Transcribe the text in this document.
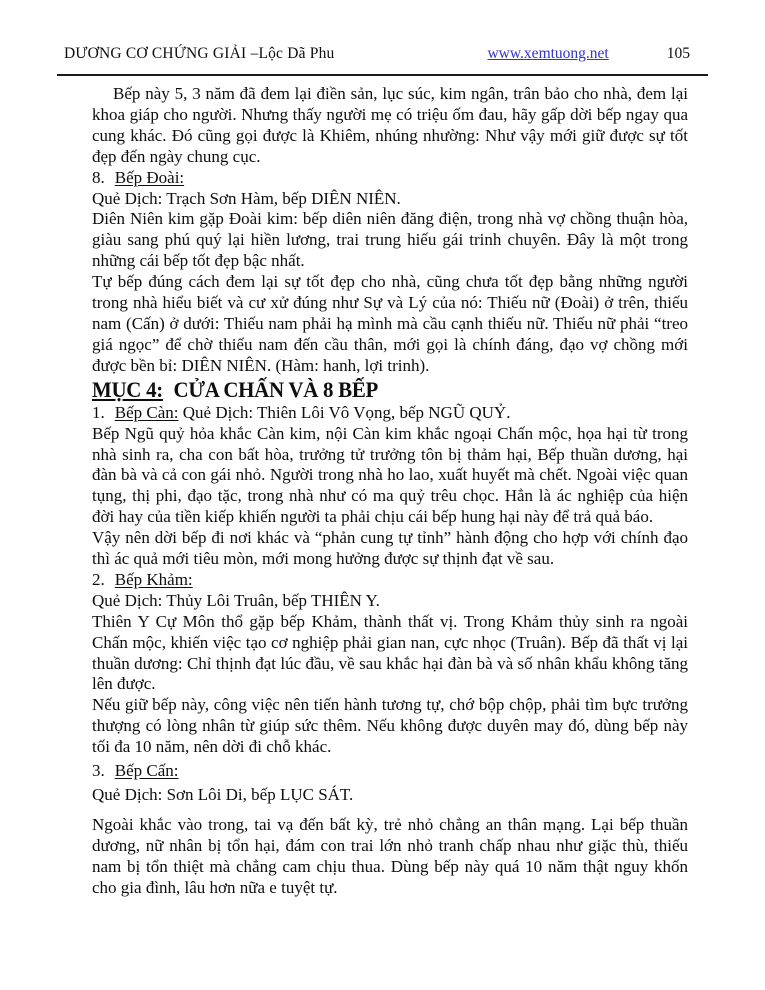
DƯƠNG CƠ CHỨNG GIẢI –Lộc Dã Phu	www.xemtuong.net	105

Bếp này 5, 3 năm đã đem lại điền sản, lục súc, kim ngân, trân bảo cho nhà, đem lại khoa giáp cho người. Nhưng thấy người mẹ có triệu ốm đau, hãy gấp dời bếp ngay qua cung khác. Đó cũng gọi được là Khiêm, nhúng nhường: Như vậy mới giữ được sự tốt đẹp đến ngày chung cục.

8. Bếp Đoài:

Quẻ Dịch: Trạch Sơn Hàm, bếp DIÊN NIÊN.

Diên Niên kim gặp Đoài kim: bếp diên niên đăng điện, trong nhà vợ chồng thuận hòa, giàu sang phú quý lại hiền lương, trai trung hiếu gái trinh chuyên. Đây là một trong những cái bếp tốt đẹp bậc nhất.

Tự bếp đúng cách đem lại sự tốt đẹp cho nhà, cũng chưa tốt đẹp bằng những người trong nhà hiểu biết và cư xử đúng như Sự và Lý của nó: Thiếu nữ (Đoài) ở trên, thiếu nam (Cấn) ở dưới: Thiếu nam phải hạ mình mà cầu cạnh thiếu nữ. Thiếu nữ phải “treo giá ngọc” để chờ thiếu nam đến cầu thân, mới gọi là chính đáng, đạo vợ chồng mới được bền bỉ: DIÊN NIÊN. (Hàm: hanh, lợi trinh).

MỤC 4: CỬA CHẤN VÀ 8 BẾP

1. Bếp Càn: Quẻ Dịch: Thiên Lôi Vô Vọng, bếp NGŨ QUỶ.

Bếp Ngũ quỷ hỏa khắc Càn kim, nội Càn kim khắc ngoại Chấn mộc, họa hại từ trong nhà sinh ra, cha con bất hòa, trưởng tử trưởng tôn bị thảm hại, Bếp thuần dương, hại đàn bà và cả con gái nhỏ. Người trong nhà ho lao, xuất huyết mà chết. Ngoài việc quan tụng, thị phi, đạo tặc, trong nhà như có ma quỷ trêu chọc. Hẳn là ác nghiệp của hiện đời hay của tiền kiếp khiến người ta phải chịu cái bếp hung hại này để trả quả báo.

Vậy nên dời bếp đi nơi khác và “phản cung tự tỉnh” hành động cho hợp với chính đạo thì ác quả mới tiêu mòn, mới mong hưởng được sự thịnh đạt về sau.

2. Bếp Khảm:

Quẻ Dịch: Thủy Lôi Truân, bếp THIÊN Y.

Thiên Y Cự Môn thổ gặp bếp Khảm, thành thất vị. Trong Khảm thủy sinh ra ngoài Chấn mộc, khiến việc tạo cơ nghiệp phải gian nan, cực nhọc (Truân). Bếp đã thất vị lại thuần dương: Chỉ thịnh đạt lúc đầu, về sau khắc hại đàn bà và số nhân khẩu không tăng lên được.

Nếu giữ bếp này, công việc nên tiến hành tương tự, chớ bộp chộp, phải tìm bực trưởng thượng có lòng nhân từ giúp sức thêm. Nếu không được duyên may đó, dùng bếp này tối đa 10 năm, nên dời đi chỗ khác.

3. Bếp Cấn:

Quẻ Dịch: Sơn Lôi Di, bếp LỤC SÁT.

Ngoài khắc vào trong, tai vạ đến bất kỳ, trẻ nhỏ chẳng an thân mạng. Lại bếp thuần dương, nữ nhân bị tổn hại, đám con trai lớn nhỏ tranh chấp nhau như giặc thù, thiếu nam bị tổn thiệt mà chẳng cam chịu thua. Dùng bếp này quá 10 năm thật nguy khốn cho gia đình, lâu hơn nữa e tuyệt tự.
